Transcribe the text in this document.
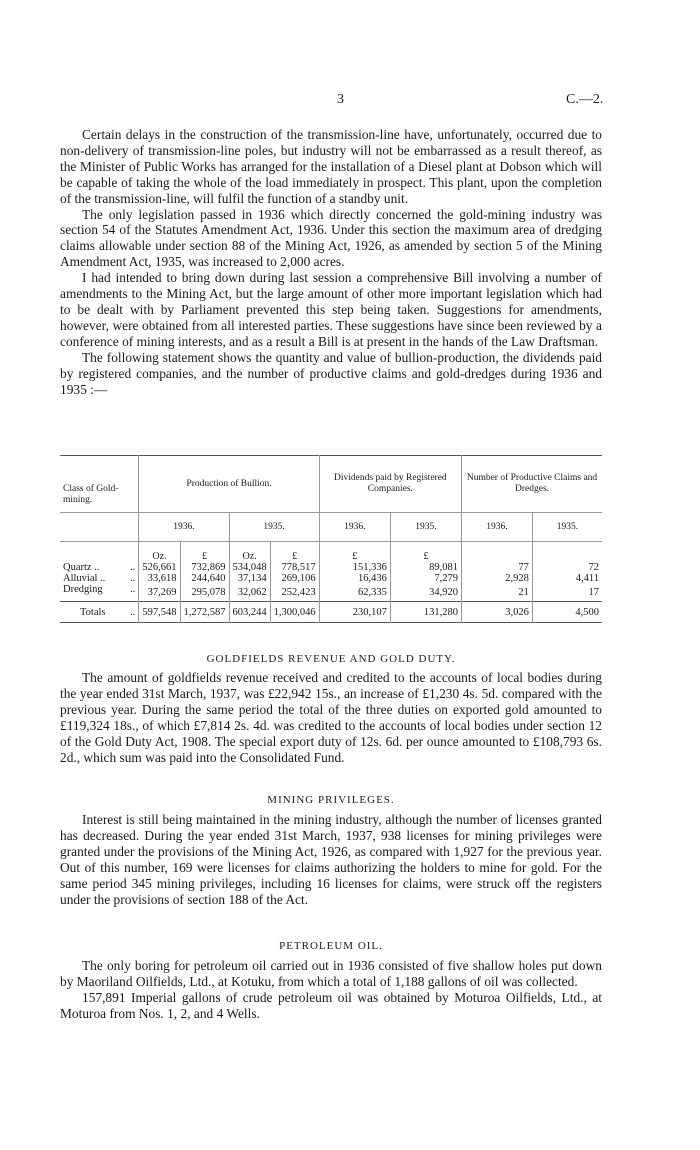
3	C.—2.

Certain delays in the construction of the transmission-line have, unfortunately, occurred due to non-delivery of transmission-line poles, but industry will not be embarrassed as a result thereof, as the Minister of Public Works has arranged for the installation of a Diesel plant at Dobson which will be capable of taking the whole of the load immediately in prospect. This plant, upon the completion of the transmission-line, will fulfil the function of a standby unit.

The only legislation passed in 1936 which directly concerned the gold-mining industry was section 54 of the Statutes Amendment Act, 1936. Under this section the maximum area of dredging claims allowable under section 88 of the Mining Act, 1926, as amended by section 5 of the Mining Amendment Act, 1935, was increased to 2,000 acres.

I had intended to bring down during last session a comprehensive Bill involving a number of amendments to the Mining Act, but the large amount of other more important legislation which had to be dealt with by Parliament prevented this step being taken. Suggestions for amendments, however, were obtained from all interested parties. These suggestions have since been reviewed by a conference of mining interests, and as a result a Bill is at present in the hands of the Law Draftsman.

The following statement shows the quantity and value of bullion-production, the dividends paid by registered companies, and the number of productive claims and gold-dredges during 1936 and 1935 :—

Class of Gold-mining.	Production of Bullion.				Dividends paid by Registered Companies.		Number of Productive Claims and Dredges.	

	1936.		1935.		1936.	1935.	1936.	1935.
	Oz.	£	Oz.	£	£	£		
Quartz .. ..	526,661	732,869	534,048	778,517	151,336	89,081	77	72
Alluvial .. ..	33,618	244,640	37,134	269,106	16,436	7,279	2,928	4,411
Dredging ..	37,269	295,078	32,062	252,423	62,335	34,920	21	17
Totals ..	597,548	1,272,587	603,244	1,300,046	230,107	131,280	3,026	4,500
GOLDFIELDS REVENUE AND GOLD DUTY.

The amount of goldfields revenue received and credited to the accounts of local bodies during the year ended 31st March, 1937, was £22,942 15s., an increase of £1,230 4s. 5d. compared with the previous year. During the same period the total of the three duties on exported gold amounted to £119,324 18s., of which £7,814 2s. 4d. was credited to the accounts of local bodies under section 12 of the Gold Duty Act, 1908. The special export duty of 12s. 6d. per ounce amounted to £108,793 6s. 2d., which sum was paid into the Consolidated Fund.

MINING PRIVILEGES.

Interest is still being maintained in the mining industry, although the number of licenses granted has decreased. During the year ended 31st March, 1937, 938 licenses for mining privileges were granted under the provisions of the Mining Act, 1926, as compared with 1,927 for the previous year. Out of this number, 169 were licenses for claims authorizing the holders to mine for gold. For the same period 345 mining privileges, including 16 licenses for claims, were struck off the registers under the provisions of section 188 of the Act.

PETROLEUM OIL.

The only boring for petroleum oil carried out in 1936 consisted of five shallow holes put down by Maoriland Oilfields, Ltd., at Kotuku, from which a total of 1,188 gallons of oil was collected.

157,891 Imperial gallons of crude petroleum oil was obtained by Moturoa Oilfields, Ltd., at Moturoa from Nos. 1, 2, and 4 Wells.
